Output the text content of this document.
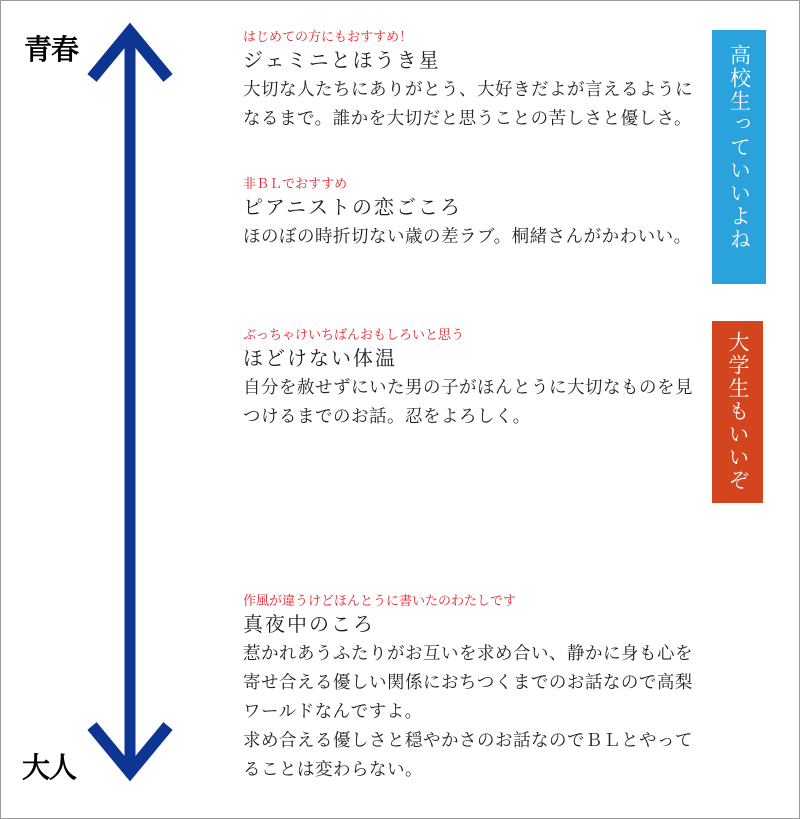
青春
大人
はじめての方にもおすすめ！
ジェミニとほうき星

大切な人たちにありがとう、大好きだよが言えるようになるまで。誰かを大切だと思うことの苦しさと優しさ。

非ＢＬでおすすめ
ピアニストの恋ごころ

ほのぼの時折切ない歳の差ラブ。桐緒さんがかわいい。

ぶっちゃけいちばんおもしろいと思う
ほどけない体温

自分を赦せずにいた男の子がほんとうに大切なものを見つけるまでのお話。忍をよろしく。

作風が違うけどほんとうに書いたのわたしです
真夜中のころ

惹かれあうふたりがお互いを求め合い、静かに身も心を寄せ合える優しい関係におちつくまでのお話なので高梨ワールドなんですよ。

求め合える優しさと穏やかさのお話なのでＢＬとやってることは変わらない。

高校生っていいよね
大学生もいいぞ
